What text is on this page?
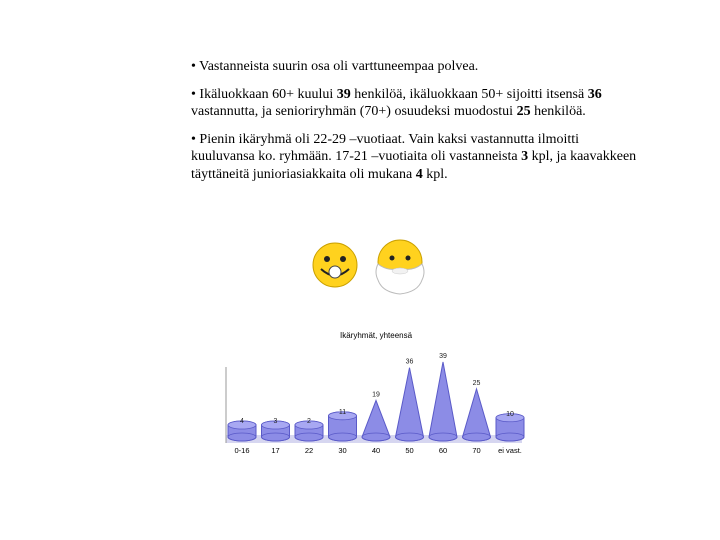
• Vastanneista suurin osa oli varttuneempaa polvea.
• Ikäluokkaan 60+ kuului 39 henkilöä, ikäluokkaan 50+ sijoitti itsensä 36 vastannutta, ja senioriryhmän (70+) osuudeksi muodostui 25 henkilöä.
• Pienin ikäryhmä oli 22-29 –vuotiaat. Vain kaksi vastannutta ilmoitti kuuluvansa ko. ryhmään. 17-21 –vuotiaita oli vastanneista 3 kpl, ja kaavakkeen täyttäneitä junioriasiakkaita oli mukana 4 kpl.
Ikäryhmät, yhteensä
4
0-16
3
17
2
22
11
30
19
40
36
50
39
60
25
70
10
ei vast.
